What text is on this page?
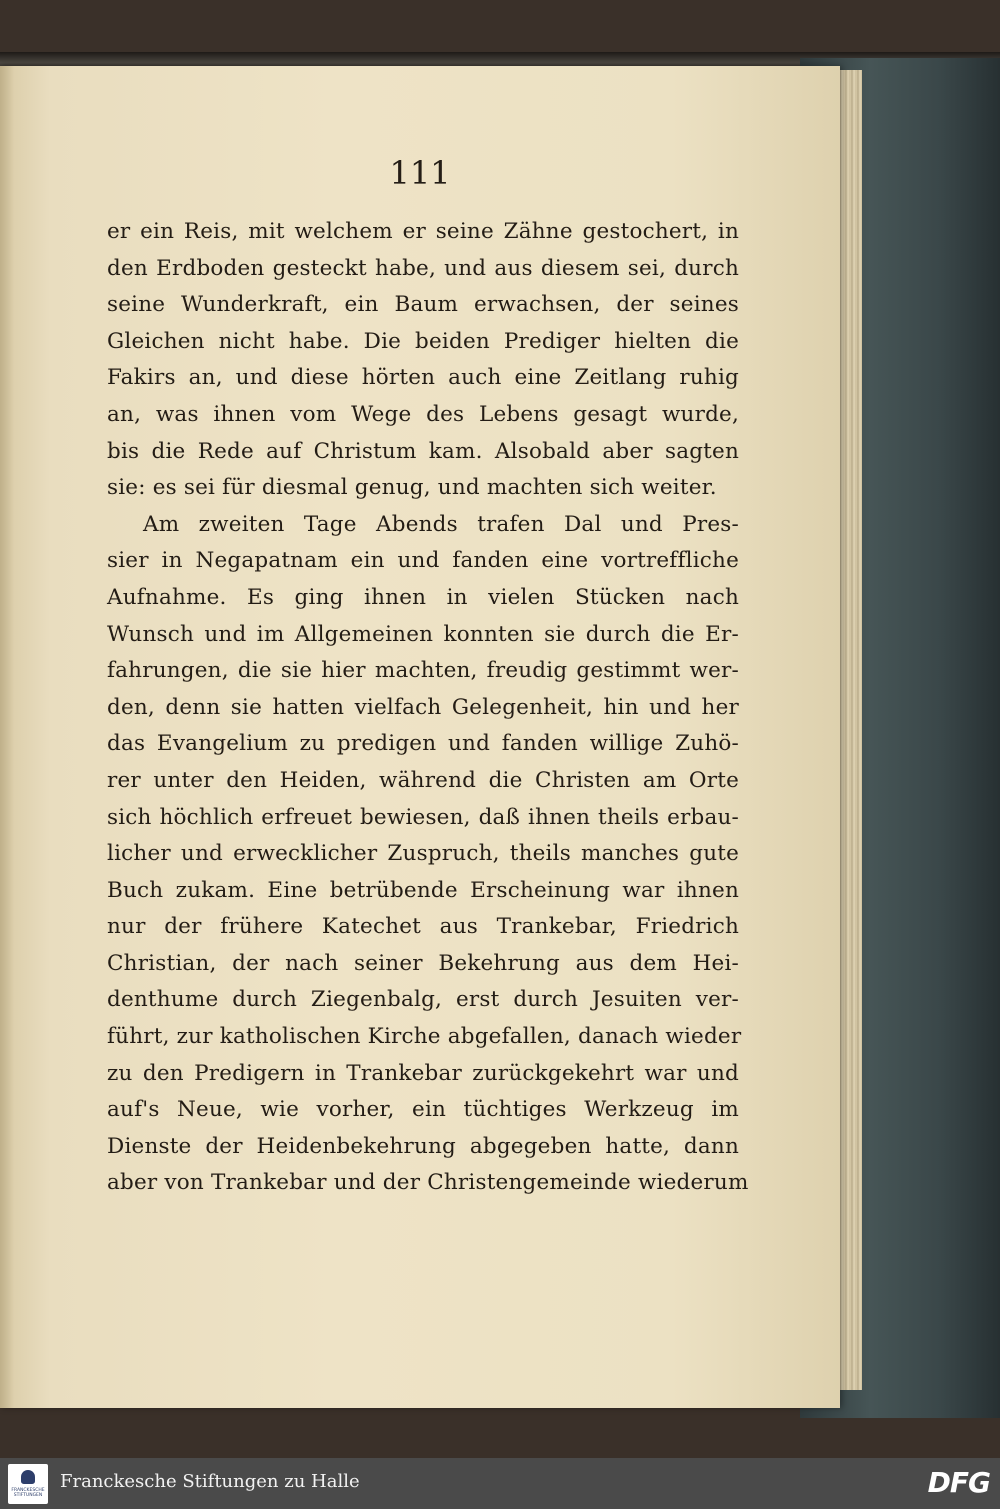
111
er ein Reis, mit welchem er seine Zähne gestochert, in
den Erdboden gesteckt habe, und aus diesem sei, durch
seine Wunderkraft, ein Baum erwachsen, der seines
Gleichen nicht habe. Die beiden Prediger hielten die
Fakirs an, und diese hörten auch eine Zeitlang ruhig
an, was ihnen vom Wege des Lebens gesagt wurde,
bis die Rede auf Christum kam. Alsobald aber sagten
sie: es sei für diesmal genug, und machten sich weiter.
Am zweiten Tage Abends trafen Dal und Pres-
sier in Negapatnam ein und fanden eine vortreffliche
Aufnahme. Es ging ihnen in vielen Stücken nach
Wunsch und im Allgemeinen konnten sie durch die Er-
fahrungen, die sie hier machten, freudig gestimmt wer-
den, denn sie hatten vielfach Gelegenheit, hin und her
das Evangelium zu predigen und fanden willige Zuhö-
rer unter den Heiden, während die Christen am Orte
sich höchlich erfreuet bewiesen, daß ihnen theils erbau-
licher und erwecklicher Zuspruch, theils manches gute
Buch zukam. Eine betrübende Erscheinung war ihnen
nur der frühere Katechet aus Trankebar, Friedrich
Christian, der nach seiner Bekehrung aus dem Hei-
denthume durch Ziegenbalg, erst durch Jesuiten ver-
führt, zur katholischen Kirche abgefallen, danach wieder
zu den Predigern in Trankebar zurückgekehrt war und
auf's Neue, wie vorher, ein tüchtiges Werkzeug im
Dienste der Heidenbekehrung abgegeben hatte, dann
aber von Trankebar und der Christengemeinde wiederum
FRANCKESCHE STIFTUNGEN
Franckesche Stiftungen zu Halle	DFG
